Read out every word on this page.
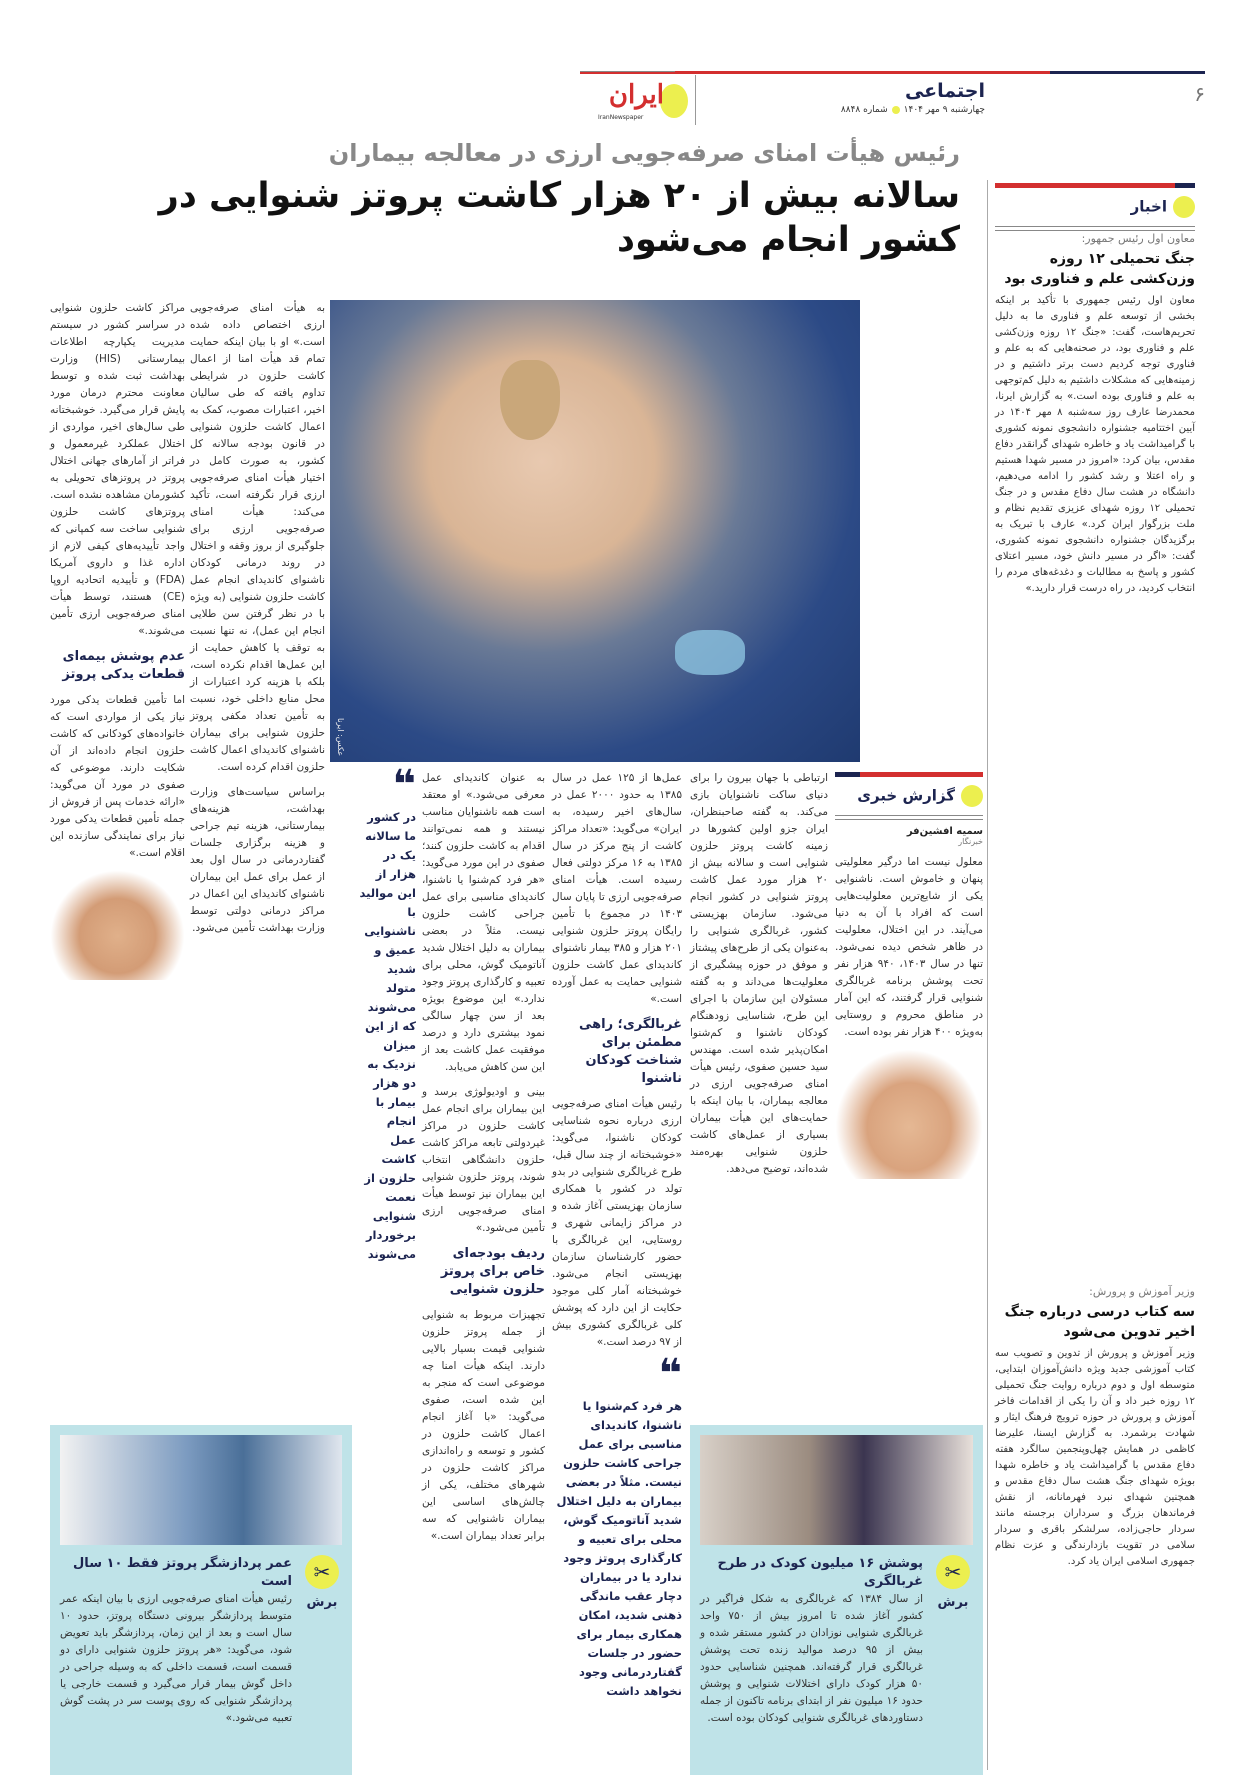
۶
اجتماعی
چهارشنبه ۹ مهر ۱۴۰۴شماره ۸۸۴۸
ایران
IranNewspaper
رئیس هیأت امنای صرفه‌جویی ارزی در معالجه بیماران
سالانه بیش از ۲۰ هزار کاشت پروتز شنوایی در کشور انجام می‌شود
عکس: ایرنا
به هیأت امنای صرفه‌جویی ارزی اختصاص داده شده است.» او با بیان اینکه حمایت تمام قد هیأت امنا از اعمال کاشت حلزون در شرایطی تداوم یافته که طی سالیان اخیر، اعتبارات مصوب، کمک به اعمال کاشت حلزون شنوایی در قانون بودجه سالانه کل کشور، به صورت کامل در اختیار هیأت امنای صرفه‌جویی ارزی قرار نگرفته است، تأکید می‌کند: هیأت امنای صرفه‌جویی ارزی برای جلوگیری از بروز وقفه و اختلال در روند درمانی کودکان ناشنوای کاندیدای انجام عمل کاشت حلزون شنوایی (به ویژه با در نظر گرفتن سن طلایی انجام این عمل)، نه تنها نسبت به توقف یا کاهش حمایت از این عمل‌ها اقدام نکرده است، بلکه با هزینه کرد اعتبارات از محل منابع داخلی خود، نسبت به تأمین تعداد مکفی پروتز حلزون شنوایی برای بیماران ناشنوای کاندیدای اعمال کاشت حلزون اقدام کرده است.
براساس سیاست‌های وزارت بهداشت، هزینه‌های بیمارستانی، هزینه تیم جراحی و هزینه برگزاری جلسات گفتاردرمانی در سال اول بعد از عمل برای عمل این بیماران ناشنوای کاندیدای این اعمال در مراکز درمانی دولتی توسط وزارت بهداشت تأمین می‌شود.
مراکز کاشت حلزون شنوایی در سراسر کشور در سیستم مدیریت یکپارچه اطلاعات بیمارستانی (HIS) وزارت بهداشت ثبت شده و توسط معاونت محترم درمان مورد پایش قرار می‌گیرد. خوشبختانه طی سال‌های اخیر، مواردی از اختلال عملکرد غیرمعمول و فراتر از آمارهای جهانی اختلال پروتز در پروتزهای تحویلی به کشورمان مشاهده نشده است. پروتزهای کاشت حلزون شنوایی ساخت سه کمپانی که واجد تأییدیه‌های کیفی لازم از اداره غذا و داروی آمریکا (FDA) و تأییدیه اتحادیه اروپا (CE) هستند، توسط هیأت امنای صرفه‌جویی ارزی تأمین می‌شوند.»
عدم پوشش بیمه‌ای قطعات یدکی پروتز
اما تأمین قطعات یدکی مورد نیاز یکی از مواردی است که خانواده‌های کودکانی که کاشت حلزون انجام داده‌اند از آن شکایت دارند. موضوعی که صفوی در مورد آن می‌گوید: «ارائه خدمات پس از فروش از جمله تأمین قطعات یدکی مورد نیاز برای نمایندگی سازنده این اقلام است.»
❝
در کشور ما سالانه یک در هزار از این موالید با ناشنوایی عمیق و شدید متولد می‌شوند که از این میزان نزدیک به دو هزار بیمار با انجام عمل کاشت حلزون از نعمت شنوایی برخوردار می‌شوند
به عنوان کاندیدای عمل معرفی می‌شود.» او معتقد است همه ناشنوایان مناسب نیستند و همه نمی‌توانند اقدام به کاشت حلزون کنند؛ صفوی در این مورد می‌گوید: «هر فرد کم‌شنوا یا ناشنوا، کاندیدای مناسبی برای عمل جراحی کاشت حلزون نیست. مثلاً در بعضی بیماران به دلیل اختلال شدید آناتومیک گوش، محلی برای تعبیه و کارگذاری پروتز وجود ندارد.» این موضوع بویژه بعد از سن چهار سالگی نمود بیشتری دارد و درصد موفقیت عمل کاشت بعد از این سن کاهش می‌یابد.
بینی و اودیولوژی برسد و این بیماران برای انجام عمل کاشت حلزون در مراکز غیردولتی تابعه مراکز کاشت حلزون دانشگاهی انتخاب شوند، پروتز حلزون شنوایی این بیماران نیز توسط هیأت امنای صرفه‌جویی ارزی تأمین می‌شود.»
ردیف بودجه‌ای خاص برای پروتز حلزون شنوایی
تجهیزات مربوط به شنوایی از جمله پروتز حلزون شنوایی قیمت بسیار بالایی دارند. اینکه هیأت امنا چه موضوعی است که منجر به این شده است، صفوی می‌گوید: «با آغاز انجام اعمال کاشت حلزون در کشور و توسعه و راه‌اندازی مراکز کاشت حلزون در شهرهای مختلف، یکی از چالش‌های اساسی این بیماران ناشنوایی که سه برابر تعداد بیماران است.»
عمل‌ها از ۱۲۵ عمل در سال ۱۳۸۵ به حدود ۲۰۰۰ عمل در سال‌های اخیر رسیده، به ایران» می‌گوید: «تعداد مراکز کاشت از پنج مرکز در سال ۱۳۸۵ به ۱۶ مرکز دولتی فعال رسیده است. هیأت امنای صرفه‌جویی ارزی تا پایان سال ۱۴۰۳ در مجموع با تأمین رایگان پروتز حلزون شنوایی ۲۰۱ هزار و ۳۸۵ بیمار ناشنوای کاندیدای عمل کاشت حلزون شنوایی حمایت به عمل آورده است.»
غربالگری؛ راهی مطمئن برای شناخت کودکان ناشنوا
رئیس هیأت امنای صرفه‌جویی ارزی درباره نحوه شناسایی کودکان ناشنوا، می‌گوید: «خوشبختانه از چند سال قبل، طرح غربالگری شنوایی در بدو تولد در کشور با همکاری سازمان بهزیستی آغاز شده و در مراکز زایمانی شهری و روستایی، این غربالگری با حضور کارشناسان سازمان بهزیستی انجام می‌شود. خوشبختانه آمار کلی موجود حکایت از این دارد که پوشش کلی غربالگری کشوری بیش از ۹۷ درصد است.»
❝
هر فرد کم‌شنوا یا ناشنوا، کاندیدای مناسبی برای عمل جراحی کاشت حلزون نیست. مثلاً در بعضی بیماران به دلیل اختلال شدید آناتومیک گوش، محلی برای تعبیه و کارگذاری پروتز وجود ندارد یا در بیماران دچار عقب ماندگی ذهنی شدید، امکان همکاری بیمار برای حضور در جلسات گفتاردرمانی وجود نخواهد داشت
ارتباطی با جهان بیرون را برای دنیای ساکت ناشنوایان بازی می‌کند. به گفته صاحبنظران، ایران جزو اولین کشورها در زمینه کاشت پروتز حلزون شنوایی است و سالانه بیش از ۲۰ هزار مورد عمل کاشت پروتز شنوایی در کشور انجام می‌شود. سازمان بهزیستی کشور، غربالگری شنوایی را به‌عنوان یکی از طرح‌های پیشتاز و موفق در حوزه پیشگیری از معلولیت‌ها می‌داند و به گفته مسئولان این سازمان با اجرای این طرح، شناسایی زودهنگام کودکان ناشنوا و کم‌شنوا امکان‌پذیر شده است. مهندس سید حسین صفوی، رئیس هیأت امنای صرفه‌جویی ارزی در معالجه بیماران، با بیان اینکه با حمایت‌های این هیأت بیماران بسیاری از عمل‌های کاشت حلزون شنوایی بهره‌مند شده‌اند، توضیح می‌دهد.
گزارش خبری
سمیه افشین‌فر
خبرنگار
معلول نیست اما درگیر معلولیتی پنهان و خاموش است. ناشنوایی یکی از شایع‌ترین معلولیت‌هایی است که افراد با آن به دنیا می‌آیند. در این اختلال، معلولیت در ظاهر شخص دیده نمی‌شود. تنها در سال ۱۴۰۳، ۹۴۰ هزار نفر تحت پوشش برنامه غربالگری شنوایی قرار گرفتند، که این آمار در مناطق محروم و روستایی به‌ویژه ۴۰۰ هزار نفر بوده است.
✂
برش
پوشش ۱۶ میلیون کودک در طرح غربالگری
از سال ۱۳۸۴ که غربالگری به شکل فراگیر در کشور آغاز شده تا امروز بیش از ۷۵۰ واحد غربالگری شنوایی نوزادان در کشور مستقر شده و بیش از ۹۵ درصد موالید زنده تحت پوشش غربالگری قرار گرفته‌اند. همچنین شناسایی حدود ۵۰ هزار کودک دارای اختلالات شنوایی و پوشش حدود ۱۶ میلیون نفر از ابتدای برنامه تاکنون از جمله دستاوردهای غربالگری شنوایی کودکان بوده است.
✂
برش
عمر پردازشگر پروتز فقط ۱۰ سال است
رئیس هیأت امنای صرفه‌جویی ارزی با بیان اینکه عمر متوسط پردازشگر بیرونی دستگاه پروتز، حدود ۱۰ سال است و بعد از این زمان، پردازشگر باید تعویض شود، می‌گوید: «هر پروتز حلزون شنوایی دارای دو قسمت است، قسمت داخلی که به وسیله جراحی در داخل گوش بیمار قرار می‌گیرد و قسمت خارجی یا پردازشگر شنوایی که روی پوست سر در پشت گوش تعبیه می‌شود.»
اخبار
معاون اول رئیس جمهور:
جنگ تحمیلی ۱۲ روزه وزن‌کشی علم و فناوری بود
معاون اول رئیس جمهوری با تأکید بر اینکه بخشی از توسعه علم و فناوری ما به دلیل تحریم‌هاست، گفت: «جنگ ۱۲ روزه وزن‌کشی علم و فناوری بود، در صحنه‌هایی که به علم و فناوری توجه کردیم دست برتر داشتیم و در زمینه‌هایی که مشکلات داشتیم به دلیل کم‌توجهی به علم و فناوری بوده است.» به گزارش ایرنا، محمدرضا عارف روز سه‌شنبه ۸ مهر ۱۴۰۴ در آیین اختتامیه جشنواره دانشجوی نمونه کشوری با گرامیداشت یاد و خاطره شهدای گرانقدر دفاع مقدس، بیان کرد: «امروز در مسیر شهدا هستیم و راه اعتلا و رشد کشور را ادامه می‌دهیم، دانشگاه در هشت سال دفاع مقدس و در جنگ تحمیلی ۱۲ روزه شهدای عزیزی تقدیم نظام و ملت بزرگوار ایران کرد.» عارف با تبریک به برگزیدگان جشنواره دانشجوی نمونه کشوری، گفت: «اگر در مسیر دانش خود، مسیر اعتلای کشور و پاسخ به مطالبات و دغدغه‌های مردم را انتخاب کردید، در راه درست قرار دارید.»
وزیر آموزش و پرورش:
سه کتاب درسی درباره جنگ اخیر تدوین می‌شود
وزیر آموزش و پرورش از تدوین و تصویب سه کتاب آموزشی جدید ویژه دانش‌آموزان ابتدایی، متوسطه اول و دوم درباره روایت جنگ تحمیلی ۱۲ روزه خبر داد و آن را یکی از اقدامات فاخر آموزش و پرورش در حوزه ترویج فرهنگ ایثار و شهادت برشمرد. به گزارش ایسنا، علیرضا کاظمی در همایش چهل‌وپنجمین سالگرد هفته دفاع مقدس با گرامیداشت یاد و خاطره شهدا بویژه شهدای جنگ هشت سال دفاع مقدس و همچنین شهدای نبرد فهرمانانه، از نقش فرماندهان بزرگ و سرداران برجسته مانند سردار حاجی‌زاده، سرلشکر باقری و سردار سلامی در تقویت بازدارندگی و عزت نظام جمهوری اسلامی ایران یاد کرد.
